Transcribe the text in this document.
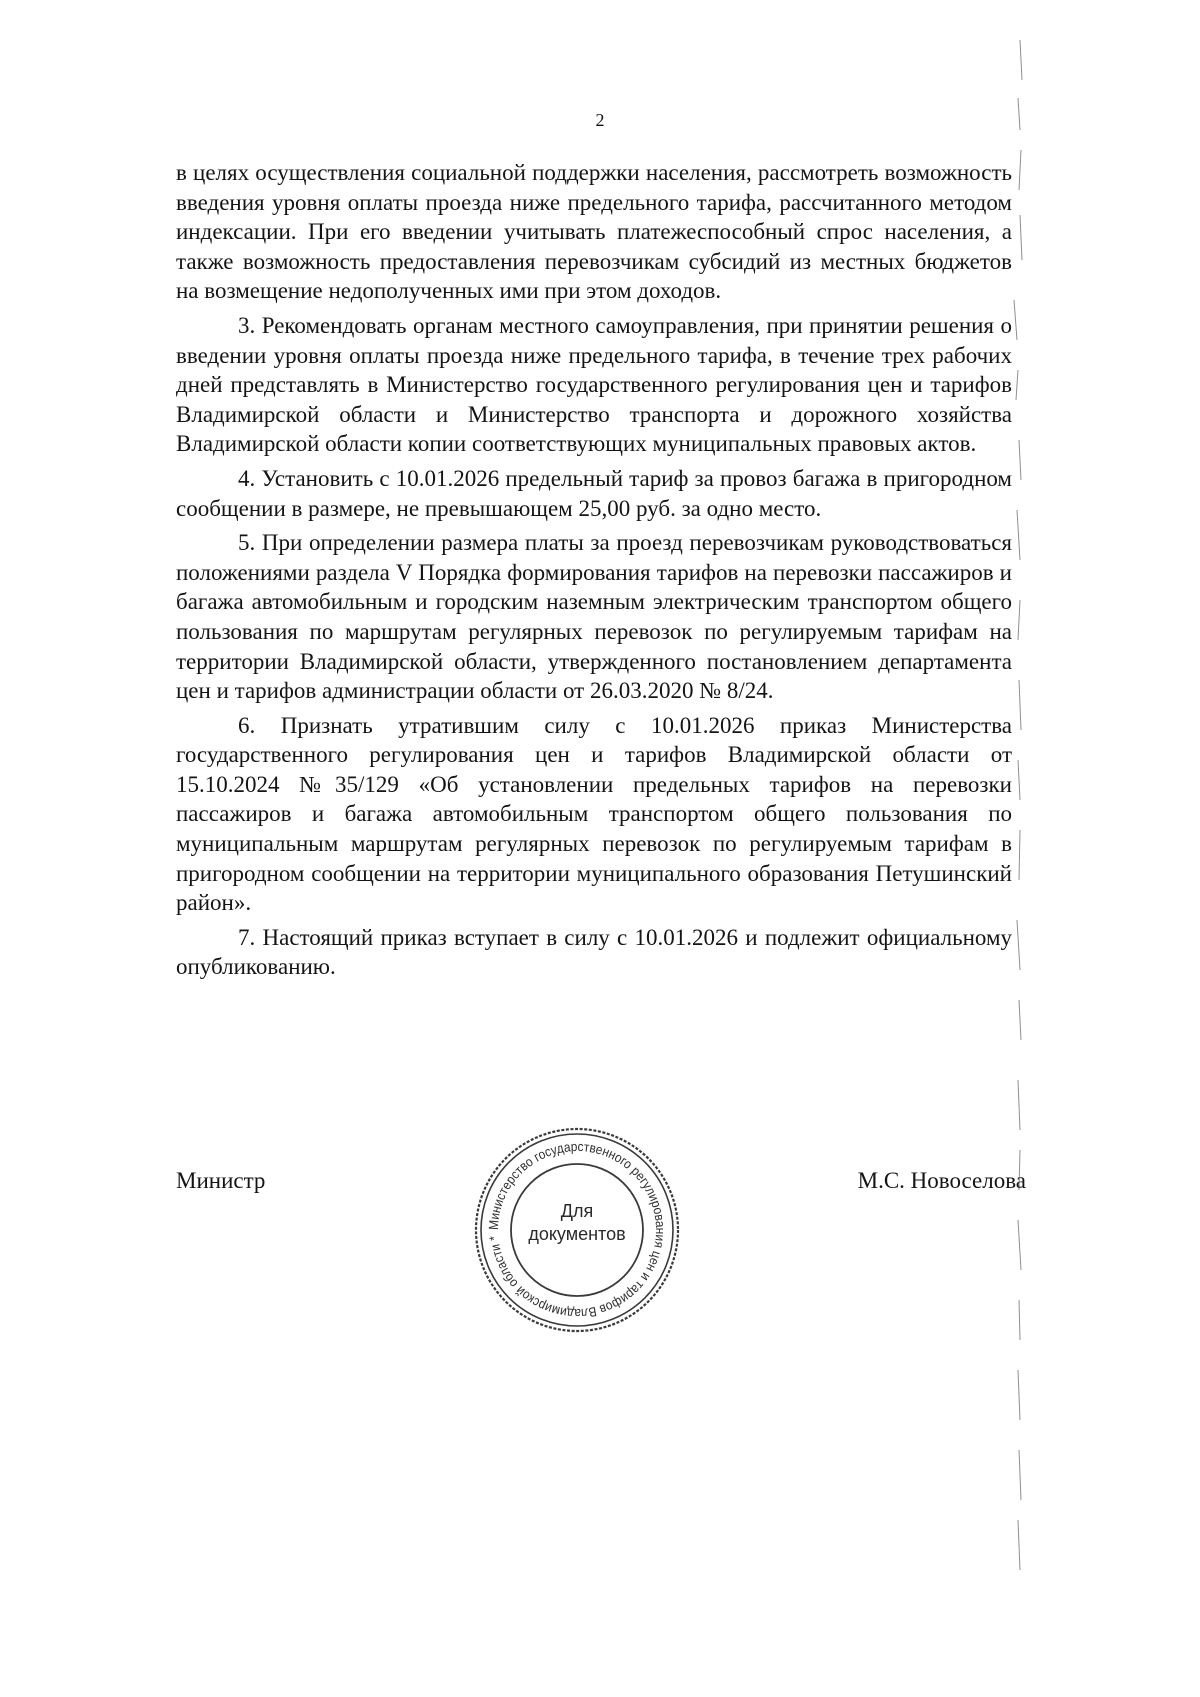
2

в целях осуществления социальной поддержки населения, рассмотреть возможность введения уровня оплаты проезда ниже предельного тарифа, рассчитанного методом индексации. При его введении учитывать платежеспособный спрос населения, а также возможность предоставления перевозчикам субсидий из местных бюджетов на возмещение недополученных ими при этом доходов.

3. Рекомендовать органам местного самоуправления, при принятии решения о введении уровня оплаты проезда ниже предельного тарифа, в течение трех рабочих дней представлять в Министерство государственного регулирования цен и тарифов Владимирской области и Министерство транспорта и дорожного хозяйства Владимирской области копии соответствующих муниципальных правовых актов.

4. Установить с 10.01.2026 предельный тариф за провоз багажа в пригородном сообщении в размере, не превышающем 25,00 руб. за одно место.

5. При определении размера платы за проезд перевозчикам руководствоваться положениями раздела V Порядка формирования тарифов на перевозки пассажиров и багажа автомобильным и городским наземным электрическим транспортом общего пользования по маршрутам регулярных перевозок по регулируемым тарифам на территории Владимирской области, утвержденного постановлением департамента цен и тарифов администрации области от 26.03.2020 № 8/24.

6. Признать утратившим силу с 10.01.2026 приказ Министерства государственного регулирования цен и тарифов Владимирской области от 15.10.2024 №35/129 «Об установлении предельных тарифов на перевозки пассажиров и багажа автомобильным транспортом общего пользования по муниципальным маршрутам регулярных перевозок по регулируемым тарифам в пригородном сообщении на территории муниципального образования Петушинский район».

7. Настоящий приказ вступает в силу с 10.01.2026 и подлежит официальному опубликованию.

Министр	М.С. Новоселова
Министерство государственного регулирования цен и тарифов Владимирской области *
Для
документов
